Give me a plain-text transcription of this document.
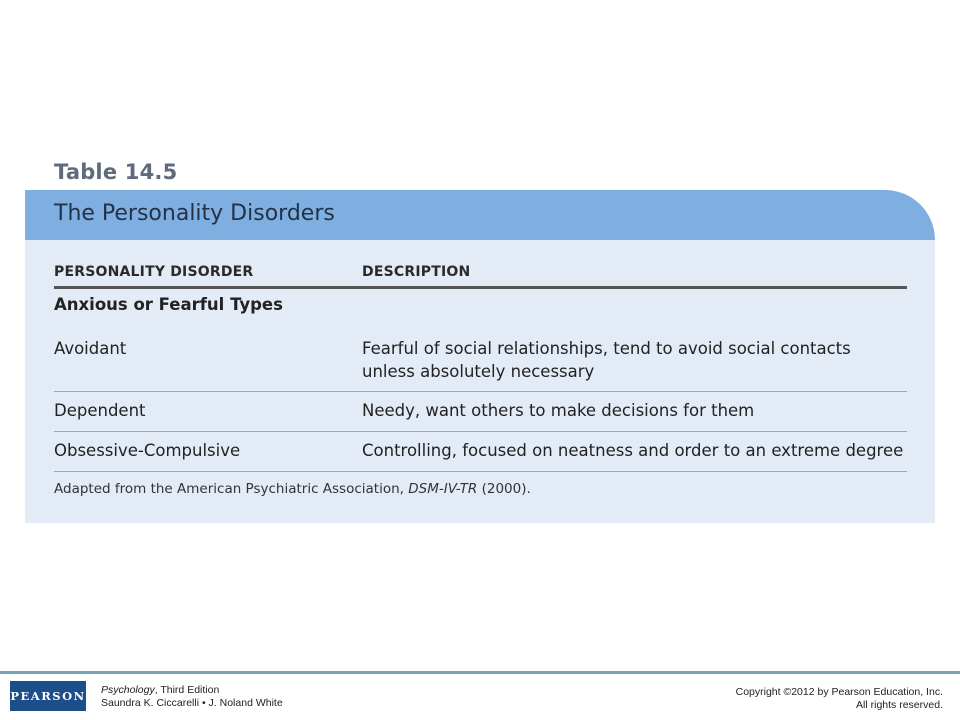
Table 14.5
The Personality Disorders
PERSONALITY DISORDER	DESCRIPTION
Anxious or Fearful Types
Avoidant	Fearful of social relationships, tend to avoid social contacts unless absolutely necessary
Dependent	Needy, want others to make decisions for them
Obsessive-Compulsive	Controlling, focused on neatness and order to an extreme degree
Adapted from the American Psychiatric Association, DSM-IV-TR (2000).
PEARSON Psychology, Third Edition
Saundra K. Ciccarelli • J. Noland White
Copyright ©2012 by Pearson Education, Inc.
All rights reserved.
